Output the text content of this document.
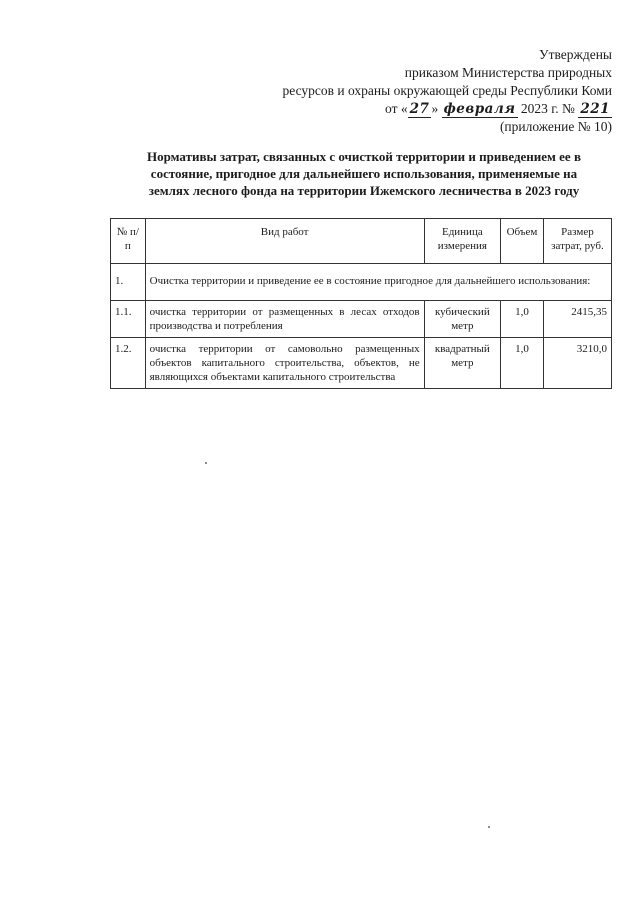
Утверждены
приказом Министерства природных
ресурсов и охраны окружающей среды Республики Коми
от « 27 » февраля 2023 г. № 221
(приложение № 10)
Нормативы затрат, связанных с очисткой территории и приведением ее в
состояние, пригодное для дальнейшего использования, применяемые на
землях лесного фонда на территории Ижемского лесничества в 2023 году
№ п/п	Вид работ	Единица измерения	Объем	Размер затрат, руб.
1.	Очистка территории и приведение ее в состояние пригодное для дальнейшего использования:			
1.1.	очистка территории от размещенных в лесах отходов производства и потребления	кубический метр	1,0	2415,35
1.2.	очистка территории от самовольно размещенных объектов капитального строительства, объектов, не являющихся объектами капитального строительства	квадратный метр	1,0	3210,0
